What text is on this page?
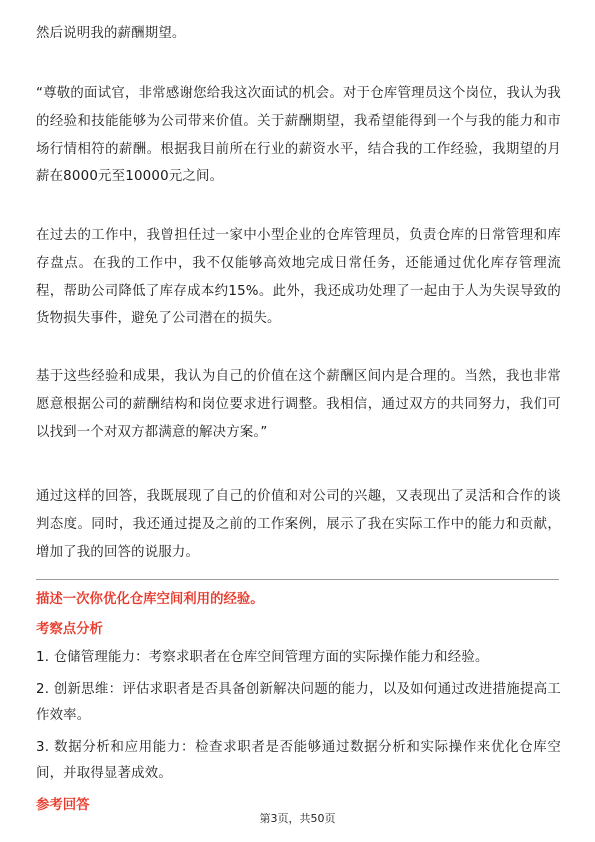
然后说明我的薪酬期望。

“尊敬的面试官，非常感谢您给我这次面试的机会。对于仓库管理员这个岗位，我认为我的经验和技能能够为公司带来价值。关于薪酬期望，我希望能得到一个与我的能力和市场行情相符的薪酬。根据我目前所在行业的薪资水平，结合我的工作经验，我期望的月薪在8000元至10000元之间。

在过去的工作中，我曾担任过一家中小型企业的仓库管理员，负责仓库的日常管理和库存盘点。在我的工作中，我不仅能够高效地完成日常任务，还能通过优化库存管理流程，帮助公司降低了库存成本约15%。此外，我还成功处理了一起由于人为失误导致的货物损失事件，避免了公司潜在的损失。

基于这些经验和成果，我认为自己的价值在这个薪酬区间内是合理的。当然，我也非常愿意根据公司的薪酬结构和岗位要求进行调整。我相信，通过双方的共同努力，我们可以找到一个对双方都满意的解决方案。”

通过这样的回答，我既展现了自己的价值和对公司的兴趣，又表现出了灵活和合作的谈判态度。同时，我还通过提及之前的工作案例，展示了我在实际工作中的能力和贡献，增加了我的回答的说服力。

描述一次你优化仓库空间利用的经验。
考察点分析

1. 仓储管理能力：考察求职者在仓库空间管理方面的实际操作能力和经验。

2. 创新思维：评估求职者是否具备创新解决问题的能力，以及如何通过改进措施提高工作效率。

3. 数据分析和应用能力：检查求职者是否能够通过数据分析和实际操作来优化仓库空间，并取得显著成效。

参考回答
第3页，共50页
